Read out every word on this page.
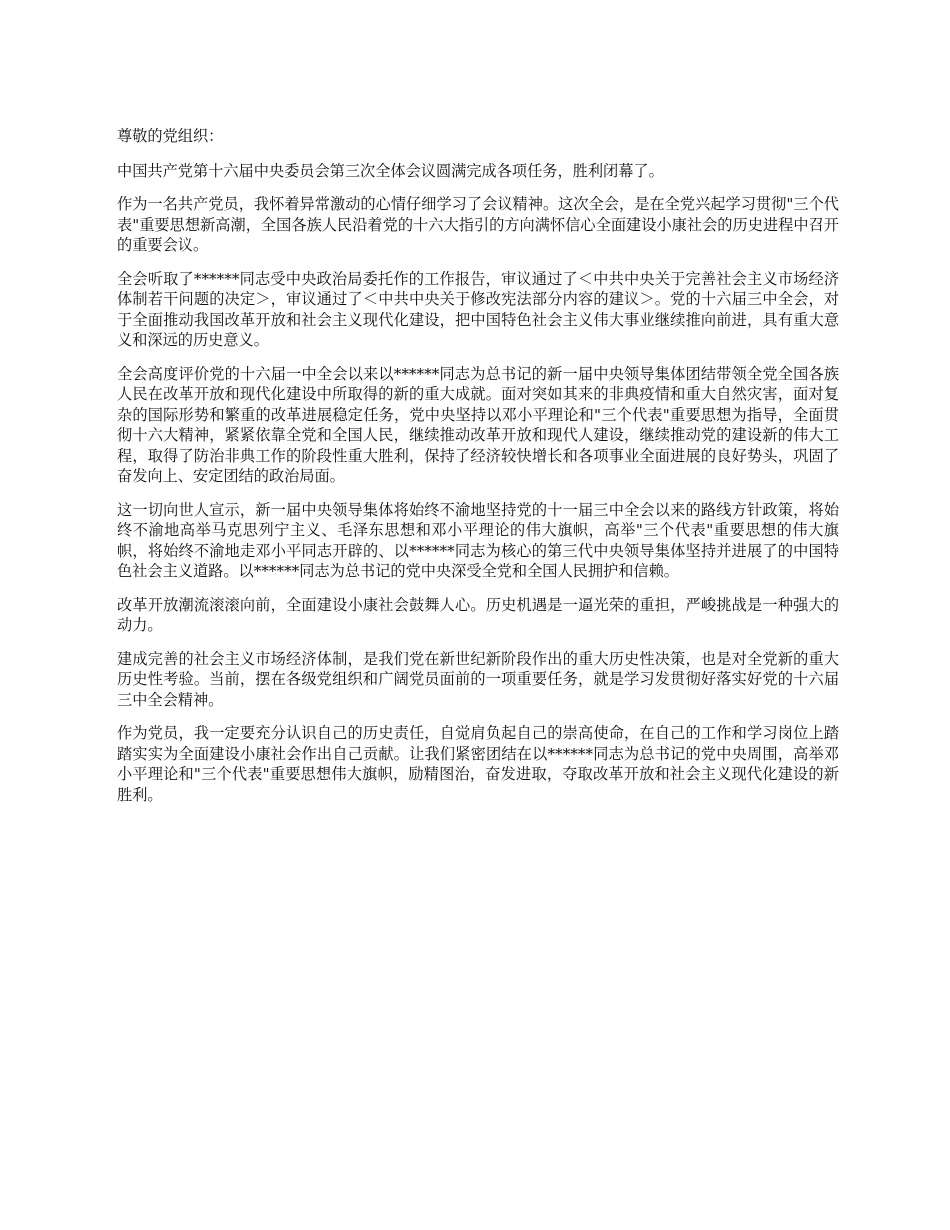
尊敬的党组织：

中国共产党第十六届中央委员会第三次全体会议圆满完成各项任务，胜利闭幕了。

作为一名共产党员，我怀着异常激动的心情仔细学习了会议精神。这次全会，是在全党兴起学习贯彻"三个代表"重要思想新高潮，全国各族人民沿着党的十六大指引的方向满怀信心全面建设小康社会的历史进程中召开的重要会议。

全会听取了******同志受中央政治局委托作的工作报告，审议通过了＜中共中央关于完善社会主义市场经济体制若干问题的决定＞，审议通过了＜中共中央关于修改宪法部分内容的建议＞。党的十六届三中全会，对于全面推动我国改革开放和社会主义现代化建设，把中国特色社会主义伟大事业继续推向前进，具有重大意义和深远的历史意义。

全会高度评价党的十六届一中全会以来以******同志为总书记的新一届中央领导集体团结带领全党全国各族人民在改革开放和现代化建设中所取得的新的重大成就。面对突如其来的非典疫情和重大自然灾害，面对复杂的国际形势和繁重的改革进展稳定任务，党中央坚持以邓小平理论和"三个代表"重要思想为指导，全面贯彻十六大精神，紧紧依靠全党和全国人民，继续推动改革开放和现代人建设，继续推动党的建设新的伟大工程，取得了防治非典工作的阶段性重大胜利，保持了经济较快增长和各项事业全面进展的良好势头，巩固了奋发向上、安定团结的政治局面。

这一切向世人宣示，新一届中央领导集体将始终不渝地坚持党的十一届三中全会以来的路线方针政策，将始终不渝地高举马克思列宁主义、毛泽东思想和邓小平理论的伟大旗帜，高举"三个代表"重要思想的伟大旗帜，将始终不渝地走邓小平同志开辟的、以******同志为核心的第三代中央领导集体坚持并进展了的中国特色社会主义道路。以******同志为总书记的党中央深受全党和全国人民拥护和信赖。

改革开放潮流滚滚向前，全面建设小康社会鼓舞人心。历史机遇是一逼光荣的重担，严峻挑战是一种强大的动力。

建成完善的社会主义市场经济体制，是我们党在新世纪新阶段作出的重大历史性决策，也是对全党新的重大历史性考验。当前，摆在各级党组织和广阔党员面前的一项重要任务，就是学习发贯彻好落实好党的十六届三中全会精神。

作为党员，我一定要充分认识自己的历史责任，自觉肩负起自己的崇高使命，在自己的工作和学习岗位上踏踏实实为全面建设小康社会作出自己贡献。让我们紧密团结在以******同志为总书记的党中央周围，高举邓小平理论和"三个代表"重要思想伟大旗帜，励精图治，奋发进取，夺取改革开放和社会主义现代化建设的新胜利。
